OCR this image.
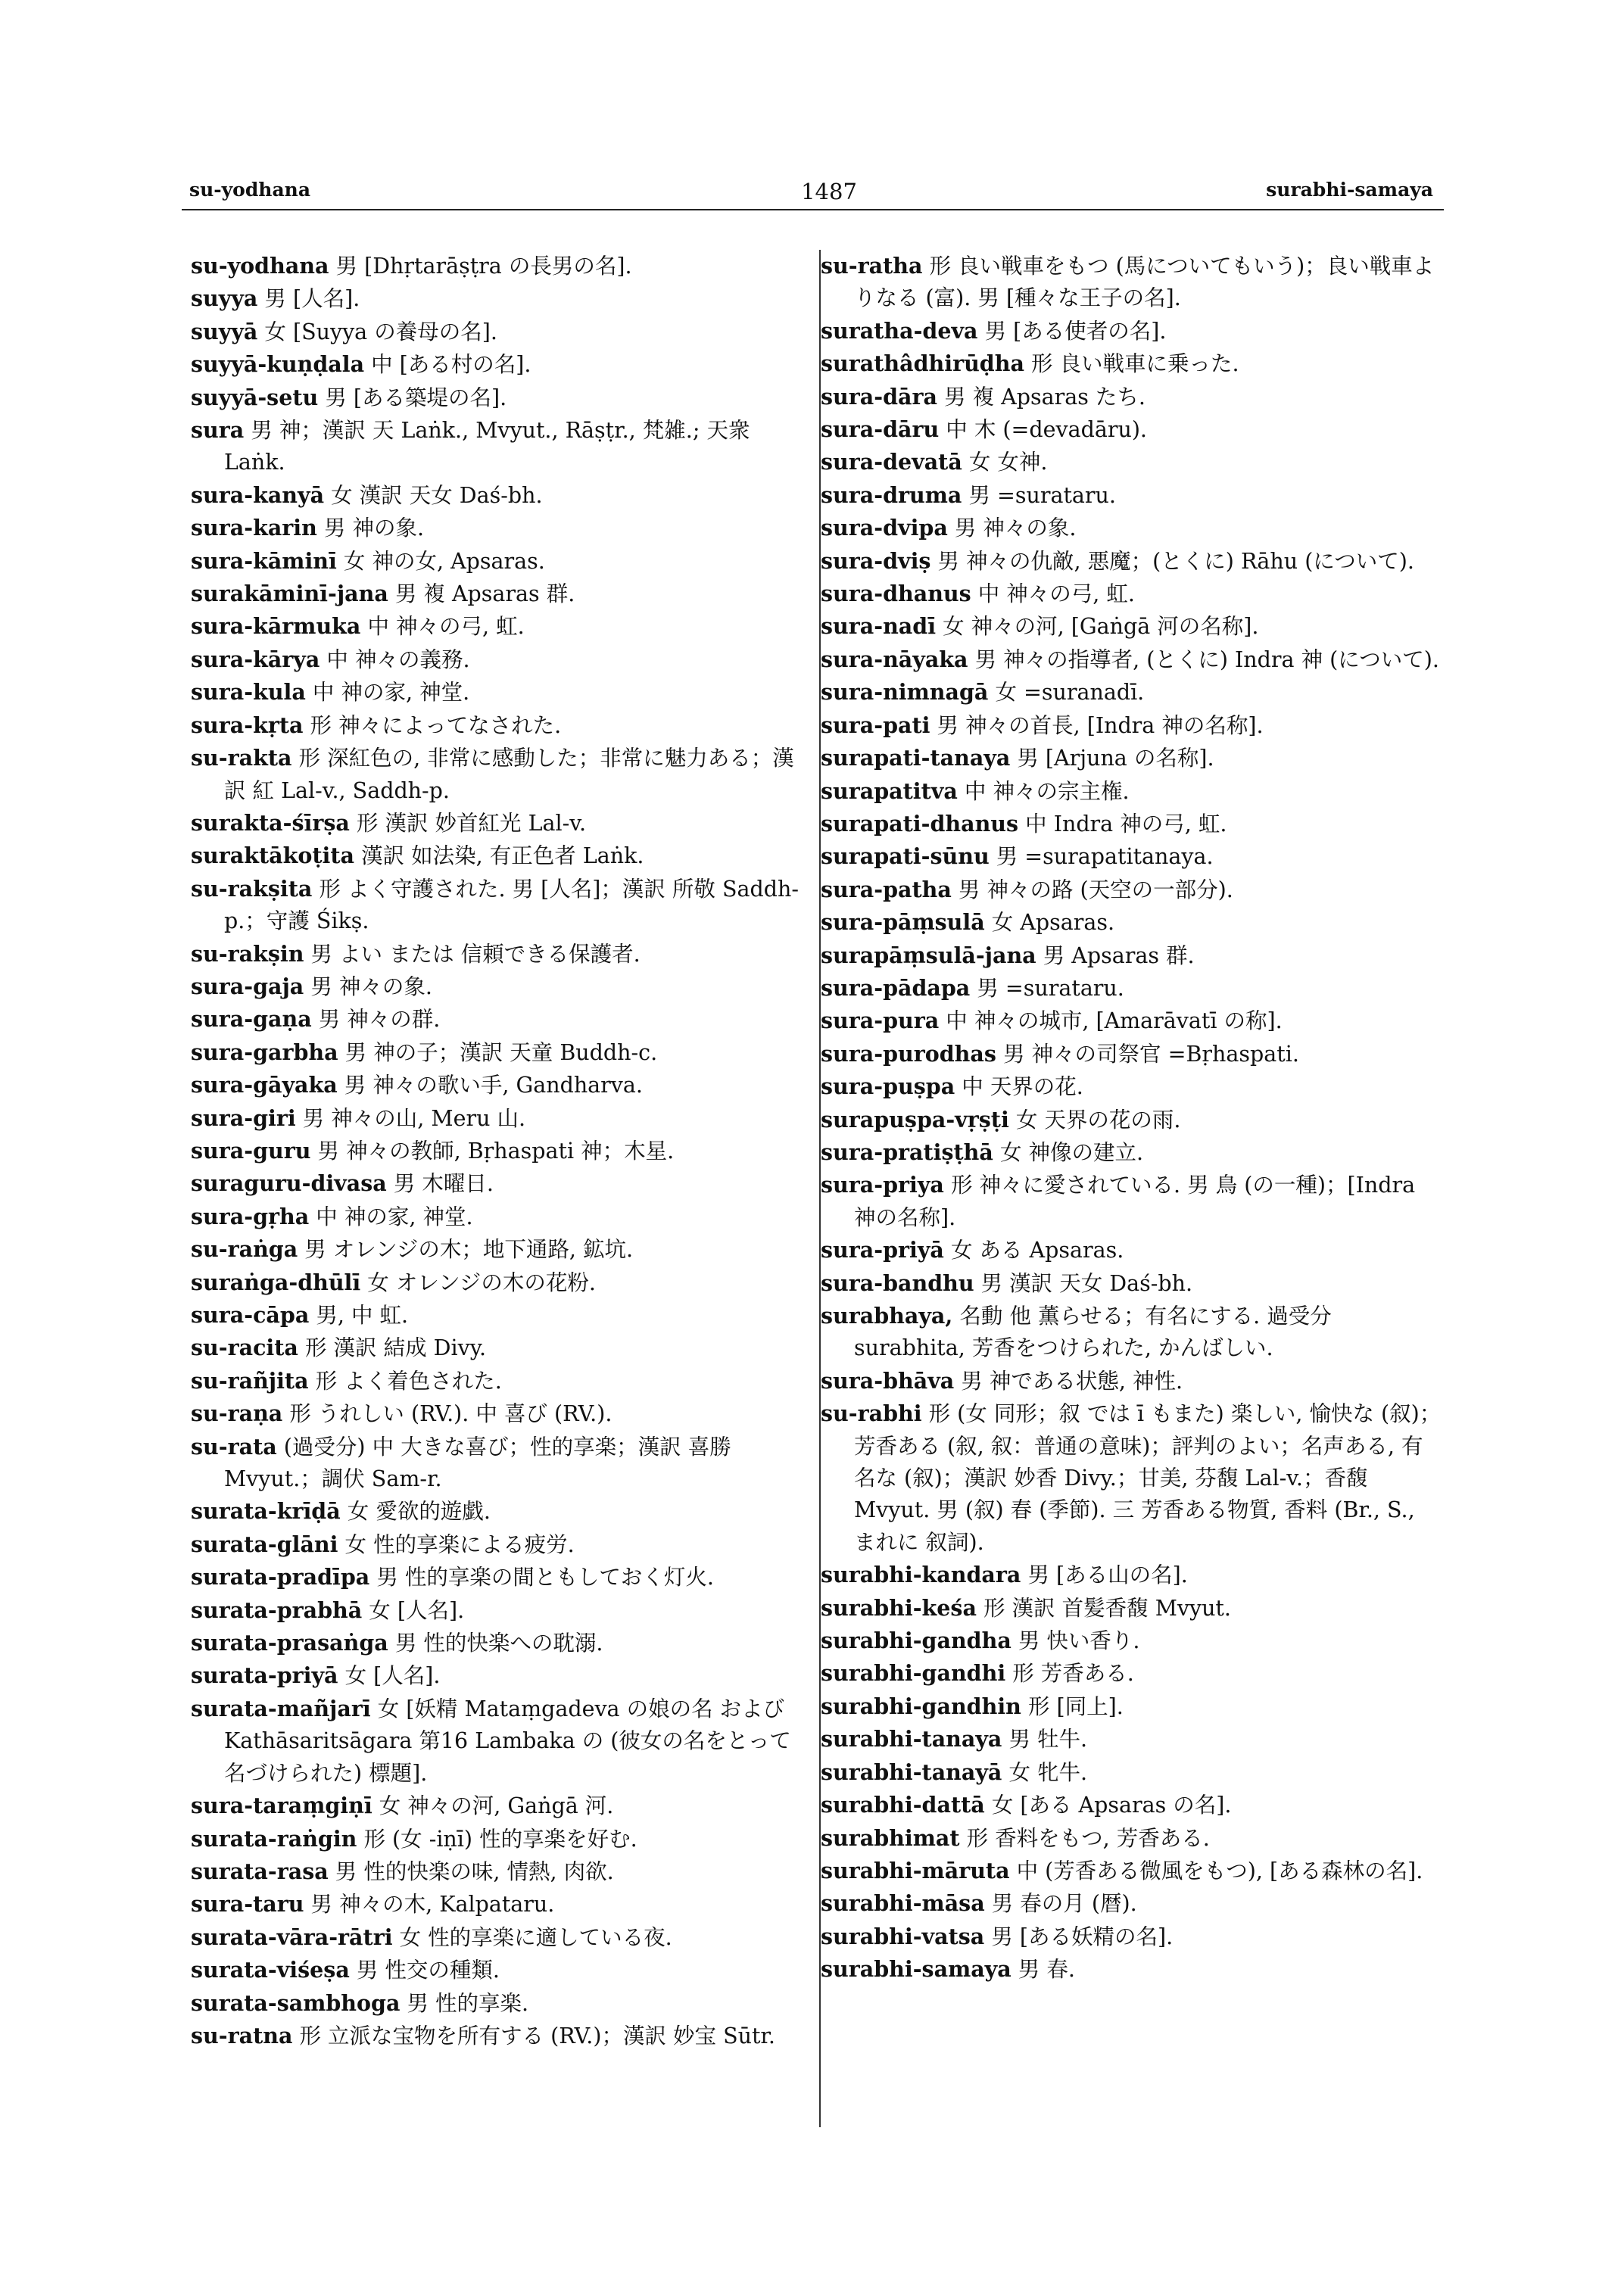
su-yodhana	1487	surabhi-samaya
su-yodhana 男 [Dhṛtarāṣṭra の長男の名].
suyya 男 [人名].
suyyā 女 [Suyya の養母の名].
suyyā-kuṇḍala 中 [ある村の名].
suyyā-setu 男 [ある築堤の名].
sura 男 神；漢訳 天 Laṅk., Mvyut., Rāṣṭr., 梵雑.; 天衆 Laṅk.
sura-kanyā 女 漢訳 天女 Daś-bh.
sura-karin 男 神の象.
sura-kāminī 女 神の女, Apsaras.
surakāminī-jana 男 複 Apsaras 群.
sura-kārmuka 中 神々の弓, 虹.
sura-kārya 中 神々の義務.
sura-kula 中 神の家, 神堂.
sura-kṛta 形 神々によってなされた.
su-rakta 形 深紅色の, 非常に感動した；非常に魅力ある；漢訳 紅 Lal-v., Saddh-p.
surakta-śīrṣa 形 漢訳 妙首紅光 Lal-v.
suraktākoṭita 漢訳 如法染, 有正色者 Laṅk.
su-rakṣita 形 よく守護された. 男 [人名]；漢訳 所敬 Saddh-p.；守護 Śikṣ.
su-rakṣin 男 よい または 信頼できる保護者.
sura-gaja 男 神々の象.
sura-gaṇa 男 神々の群.
sura-garbha 男 神の子；漢訳 天童 Buddh-c.
sura-gāyaka 男 神々の歌い手, Gandharva.
sura-giri 男 神々の山, Meru 山.
sura-guru 男 神々の教師, Bṛhaspati 神；木星.
suraguru-divasa 男 木曜日.
sura-gṛha 中 神の家, 神堂.
su-raṅga 男 オレンジの木；地下通路, 鉱坑.
suraṅga-dhūlī 女 オレンジの木の花粉.
sura-cāpa 男, 中 虹.
su-racita 形 漢訳 結成 Divy.
su-rañjita 形 よく着色された.
su-raṇa 形 うれしい (RV.). 中 喜び (RV.).
su-rata (過受分) 中 大きな喜び；性的享楽；漢訳 喜勝 Mvyut.；調伏 Sam-r.
surata-krīḍā 女 愛欲的遊戯.
surata-glāni 女 性的享楽による疲労.
surata-pradīpa 男 性的享楽の間ともしておく灯火.
surata-prabhā 女 [人名].
surata-prasaṅga 男 性的快楽への耽溺.
surata-priyā 女 [人名].
surata-mañjarī 女 [妖精 Mataṃgadeva の娘の名 および Kathāsaritsāgara 第16 Lambaka の (彼女の名をとって名づけられた) 標題].
sura-taraṃgiṇī 女 神々の河, Gaṅgā 河.
surata-raṅgin 形 (女 -iṇī) 性的享楽を好む.
surata-rasa 男 性的快楽の味, 情熱, 肉欲.
sura-taru 男 神々の木, Kalpataru.
surata-vāra-rātri 女 性的享楽に適している夜.
surata-viśeṣa 男 性交の種類.
surata-sambhoga 男 性的享楽.
su-ratna 形 立派な宝物を所有する (RV.)；漢訳 妙宝 Sūtr.
su-ratha 形 良い戦車をもつ (馬についてもいう)；良い戦車よりなる (富). 男 [種々な王子の名].
suratha-deva 男 [ある使者の名].
surathâdhirūḍha 形 良い戦車に乗った.
sura-dāra 男 複 Apsaras たち.
sura-dāru 中 木 (=devadāru).
sura-devatā 女 女神.
sura-druma 男 =surataru.
sura-dvipa 男 神々の象.
sura-dviṣ 男 神々の仇敵, 悪魔；(とくに) Rāhu (について).
sura-dhanus 中 神々の弓, 虹.
sura-nadī 女 神々の河, [Gaṅgā 河の名称].
sura-nāyaka 男 神々の指導者, (とくに) Indra 神 (について).
sura-nimnagā 女 =suranadī.
sura-pati 男 神々の首長, [Indra 神の名称].
surapati-tanaya 男 [Arjuna の名称].
surapatitva 中 神々の宗主権.
surapati-dhanus 中 Indra 神の弓, 虹.
surapati-sūnu 男 =surapatitanaya.
sura-patha 男 神々の路 (天空の一部分).
sura-pāṃsulā 女 Apsaras.
surapāṃsulā-jana 男 Apsaras 群.
sura-pādapa 男 =surataru.
sura-pura 中 神々の城市, [Amarāvatī の称].
sura-purodhas 男 神々の司祭官 =Bṛhaspati.
sura-puṣpa 中 天界の花.
surapuṣpa-vṛṣṭi 女 天界の花の雨.
sura-pratiṣṭhā 女 神像の建立.
sura-priya 形 神々に愛されている. 男 鳥 (の一種)；[Indra 神の名称].
sura-priyā 女 ある Apsaras.
sura-bandhu 男 漢訳 天女 Daś-bh.
surabhaya, 名動 他 薫らせる；有名にする. 過受分 surabhita, 芳香をつけられた, かんばしい.
sura-bhāva 男 神である状態, 神性.
su-rabhi 形 (女 同形；叙 では ī もまた) 楽しい, 愉快な (叙)；芳香ある (叙, 叙：普通の意味)；評判のよい；名声ある, 有名な (叙)；漢訳 妙香 Divy.；甘美, 芬馥 Lal-v.；香馥 Mvyut. 男 (叙) 春 (季節). 三 芳香ある物質, 香料 (Br., S., まれに 叙詞).
surabhi-kandara 男 [ある山の名].
surabhi-keśa 形 漢訳 首髪香馥 Mvyut.
surabhi-gandha 男 快い香り.
surabhi-gandhi 形 芳香ある.
surabhi-gandhin 形 [同上].
surabhi-tanaya 男 牡牛.
surabhi-tanayā 女 牝牛.
surabhi-dattā 女 [ある Apsaras の名].
surabhimat 形 香料をもつ, 芳香ある.
surabhi-māruta 中 (芳香ある微風をもつ), [ある森林の名].
surabhi-māsa 男 春の月 (暦).
surabhi-vatsa 男 [ある妖精の名].
surabhi-samaya 男 春.
